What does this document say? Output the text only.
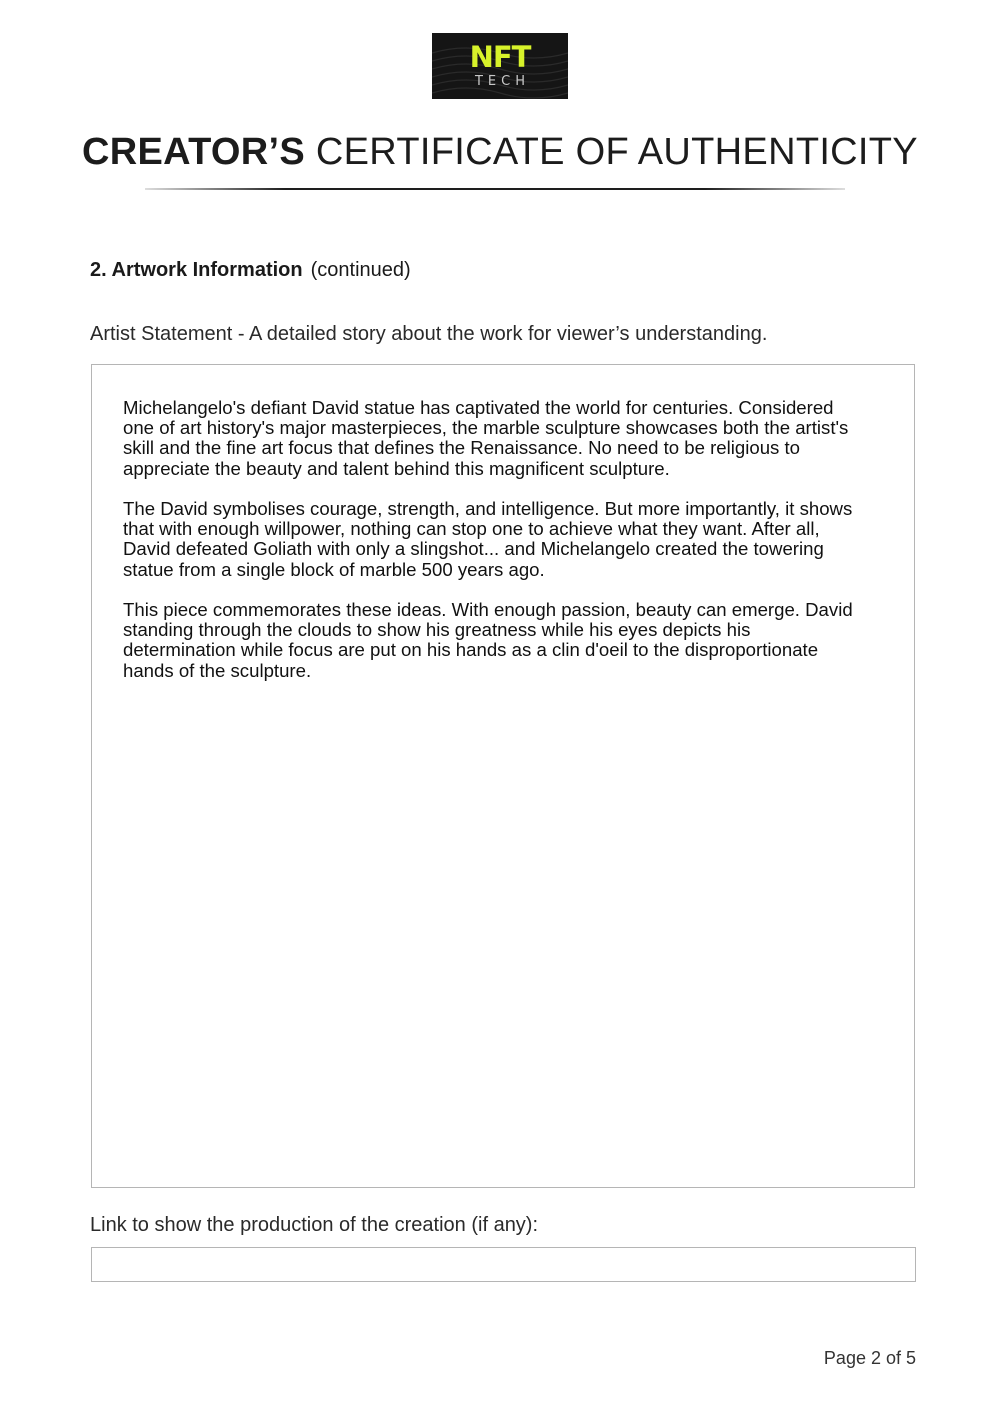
NFT
TECH
CREATOR’S CERTIFICATE OF AUTHENTICITY
2. Artwork Information (continued)
Artist Statement - A detailed story about the work for viewer’s understanding.

Michelangelo's defiant David statue has captivated the world for centuries. Considered one of art history's major masterpieces, the marble sculpture showcases both the artist's skill and the fine art focus that defines the Renaissance. No need to be religious to appreciate the beauty and talent behind this magnificent sculpture.

The David symbolises courage, strength, and intelligence. But more importantly, it shows that with enough willpower, nothing can stop one to achieve what they want. After all, David defeated Goliath with only a slingshot... and Michelangelo created the towering statue from a single block of marble 500 years ago.

This piece commemorates these ideas. With enough passion, beauty can emerge. David standing through the clouds to show his greatness while his eyes depicts his determination while focus are put on his hands as a clin d'oeil to the disproportionate hands of the sculpture.

Link to show the production of the creation (if any):
Page 2 of 5
